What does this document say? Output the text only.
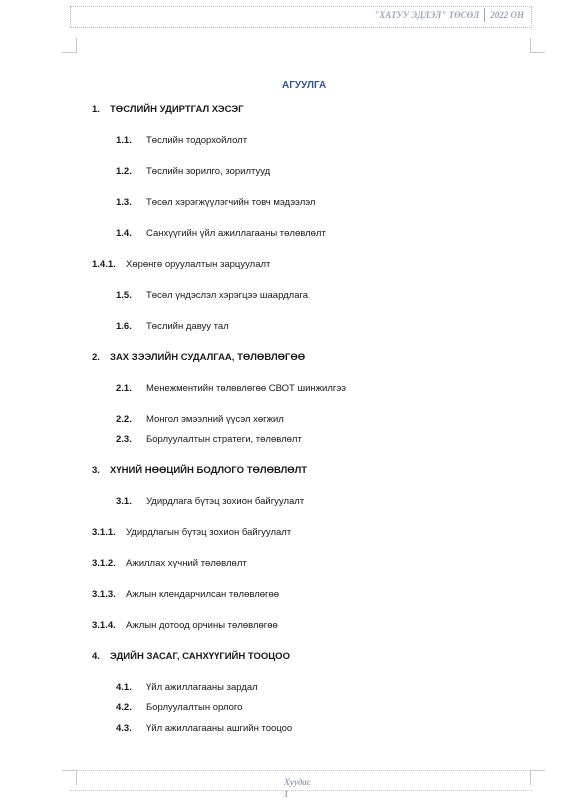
"ХАТУУ ЭДЛЭЛ" ТӨСӨЛ	2022 ОН
АГУУЛГА
1. ТӨСЛИЙН УДИРТГАЛ ХЭСЭГ
1.1. Төслийн тодорхойлолт
1.2. Төслийн зорилго, зорилтууд
1.3. Төсөл хэрэгжүүлэгчийн товч мэдээлэл
1.4. Санхүүгийн үйл ажиллагааны төлөвлөлт
1.4.1. Хөрөнгө оруулалтын зарцуулалт
1.5. Төсөл үндэслэл хэрэгцээ шаардлага
1.6. Төслийн давуу тал
2. ЗАХ ЗЭЭЛИЙН СУДАЛГАА, ТӨЛӨВЛӨГӨӨ
2.1. Менежментийн төлөвлөгөө СВОТ шинжилгээ
2.2. Монгол эмээлний үүсэл хөгжил
2.3. Борлуулалтын стратеги, төлөвлөлт
3. ХҮНИЙ НӨӨЦИЙН БОДЛОГО ТӨЛӨВЛӨЛТ
3.1. Удирдлага бүтэц зохион байгуулалт
3.1.1. Удирдлагын бүтэц зохион байгуулалт
3.1.2. Ажиллах хүчний төлөвлөлт
3.1.3. Ажлын клендарчилсан төлөвлөгөө
3.1.4. Ажлын дотоод орчины төлөвлөгөө
4. ЭДИЙН ЗАСАГ, САНХҮҮГИЙН ТООЦОО
4.1. Үйл ажиллагааны зардал
4.2. Борлуулалтын орлого
4.3. Үйл ажиллагааны ашгийн тооцоо
Хуудас
1
